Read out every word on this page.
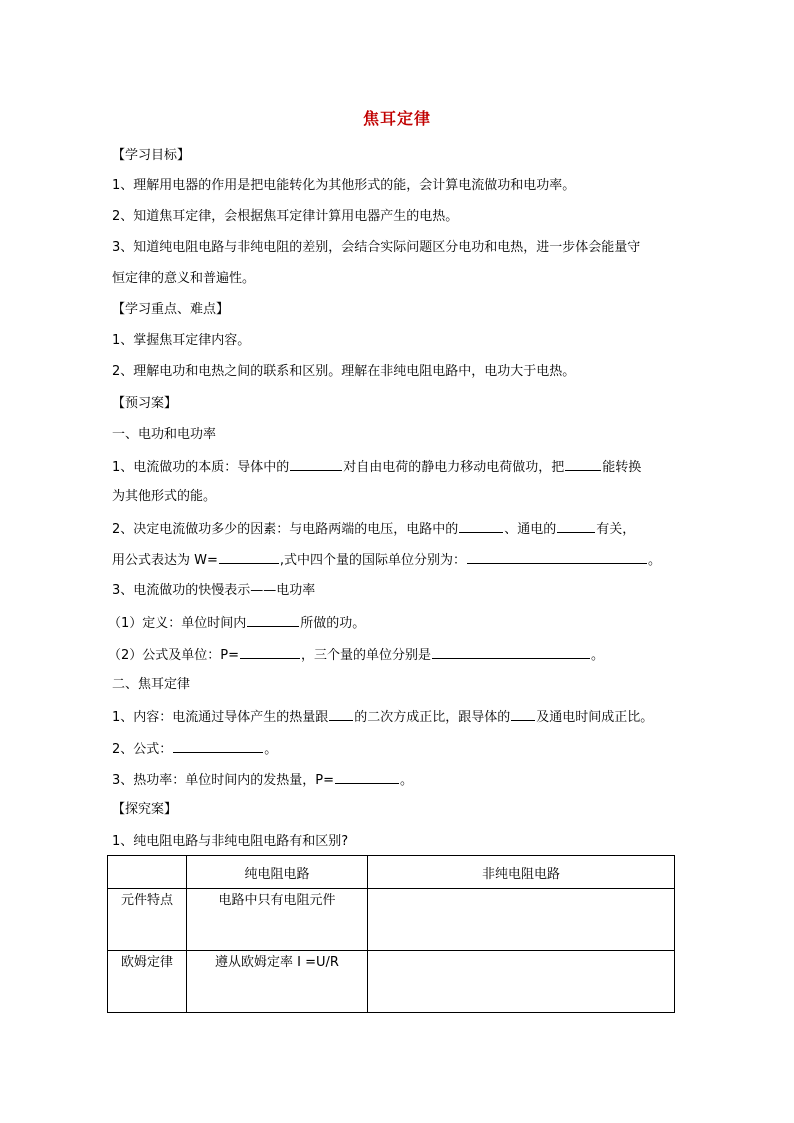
焦耳定律
【学习目标】
1、理解用电器的作用是把电能转化为其他形式的能，会计算电流做功和电功率。
2、知道焦耳定律，会根据焦耳定律计算用电器产生的电热。
3、知道纯电阻电路与非纯电阻的差别，会结合实际问题区分电功和电热，进一步体会能量守
恒定律的意义和普遍性。
【学习重点、难点】
1、掌握焦耳定律内容。
2、理解电功和电热之间的联系和区别。理解在非纯电阻电路中，电功大于电热。
【预习案】
一、电功和电功率
1、电流做功的本质：导体中的	对自由电荷的静电力移动电荷做功，把	能转换
为其他形式的能。
2、决定电流做功多少的因素：与电路两端的电压，电路中的	、通电的	有关，
用公式表达为 W=	,式中四个量的国际单位分别为：	。
3、电流做功的快慢表示——电功率
（1）定义：单位时间内	所做的功。
（2）公式及单位：P=	，三个量的单位分别是	。
二、焦耳定律
1、内容：电流通过导体产生的热量跟 的二次方成正比，跟导体的 及通电时间成正比。
2、公式：	。
3、热功率：单位时间内的发热量，P=	。
【探究案】
1、纯电阻电路与非纯电阻电路有和区别?
	纯电阻电路	非纯电阻电路
元件特点	电路中只有电阻元件	
欧姆定律	遵从欧姆定率 I =U/R	
